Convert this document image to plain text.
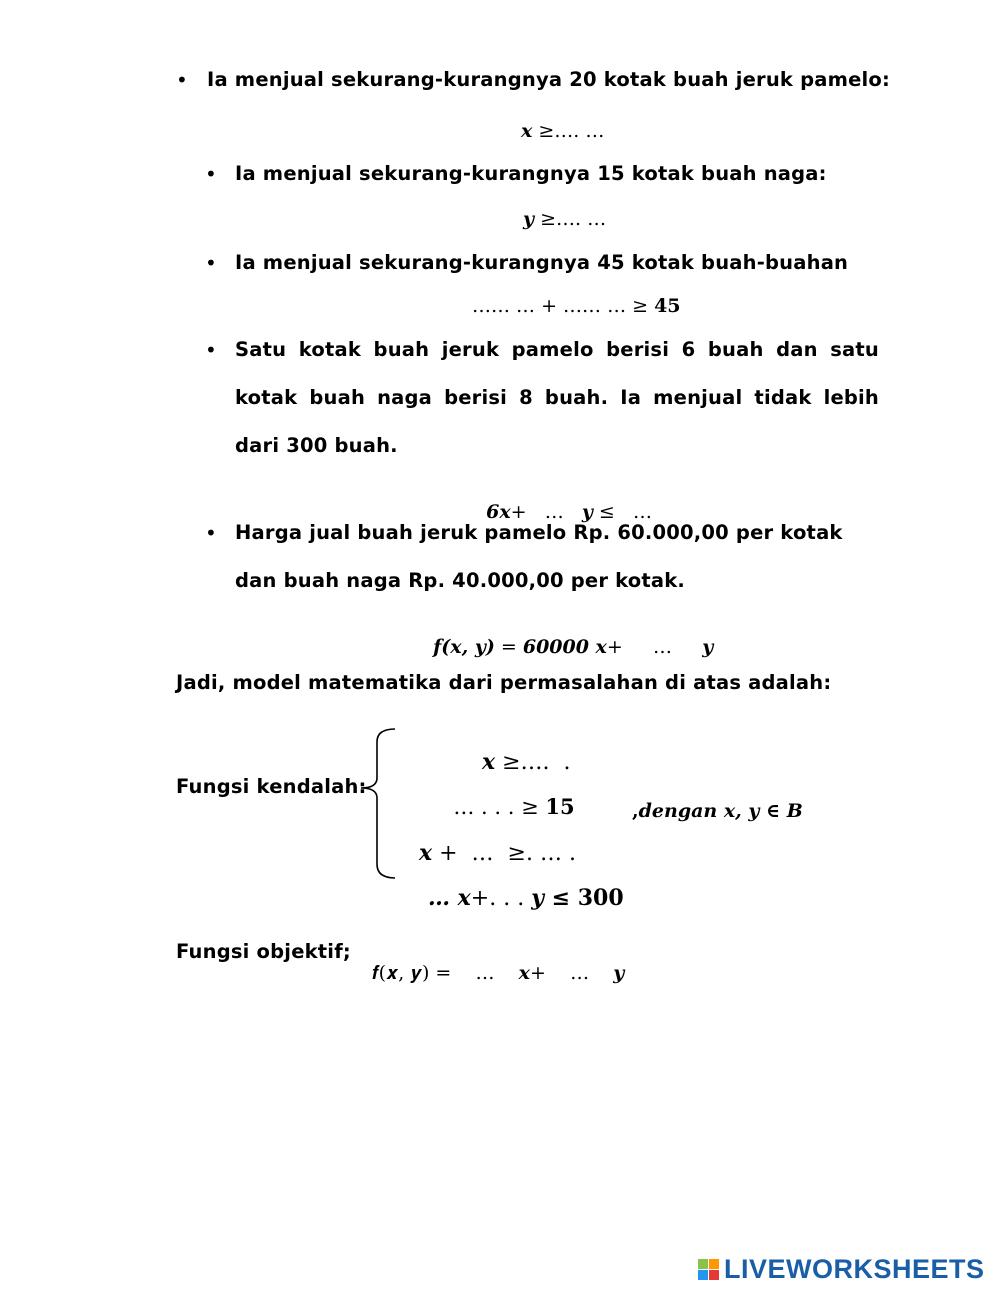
• Ia menjual sekurang-kurangnya 20 kotak buah jeruk pamelo:
𝒙 ≥…. …
• Ia menjual sekurang-kurangnya 15 kotak buah naga:
𝒚 ≥…. …
• Ia menjual sekurang-kurangnya 45 kotak buah-buahan
…… … + …… … ≥ 45
• Satu kotak buah jeruk pamelo berisi 6 buah dan satu
kotak buah naga berisi 8 buah. Ia menjual tidak lebih
dari 300 buah.

6𝒙+   …   𝒚 ≤   …

• Harga jual buah jeruk pamelo Rp. 60.000,00 per kotak
dan buah naga Rp. 40.000,00 per kotak.

𝒇(𝒙, 𝒚) = 60000 𝒙+     …     𝒚

Jadi, model matematika dari permasalahan di atas adalah:
Fungsi kendalah:

𝒙 ≥….  .

… . . . ≥ 15

𝒙 +  …  ≥. … .

… 𝒙+. . . 𝒚 ≤ 300

,𝒅𝒆𝒏𝒈𝒂𝒏 𝒙, 𝒚 ∈ 𝑩
Fungsi objektif;

𝒇(𝒙, 𝒚) =    …    𝒙+    …    𝒚

LIVEWORKSHEETS
